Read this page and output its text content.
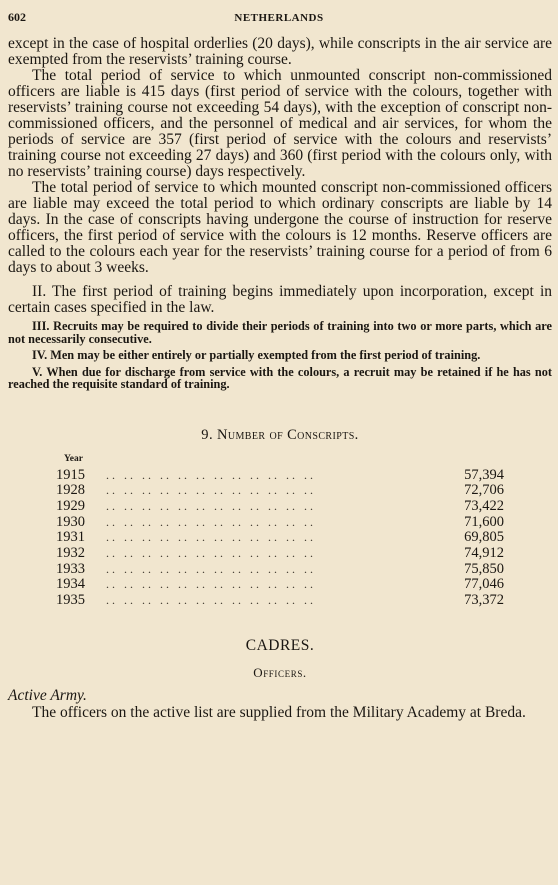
602	NETHERLANDS

except in the case of hospital orderlies (20 days), while conscripts in the air service are exempted from the reservists’ training course.

The total period of service to which unmounted conscript non-commissioned officers are liable is 415 days (first period of service with the colours, together with reservists’ training course not exceeding 54 days), with the exception of conscript non-commissioned officers, and the personnel of medical and air services, for whom the periods of service are 357 (first period of service with the colours and reservists’ training course not exceeding 27 days) and 360 (first period with the colours only, with no reservists’ training course) days respectively.

The total period of service to which mounted conscript non-commissioned officers are liable may exceed the total period to which ordinary conscripts are liable by 14 days. In the case of conscripts having undergone the course of instruction for reserve officers, the first period of service with the colours is 12 months. Reserve officers are called to the colours each year for the reservists’ training course for a period of from 6 days to about 3 weeks.

II. The first period of training begins immediately upon incorporation, except in certain cases specified in the law.

III. Recruits may be required to divide their periods of training into two or more parts, which are not necessarily consecutive.

IV. Men may be either entirely or partially exempted from the first period of training.

V. When due for discharge from service with the colours, a recruit may be retained if he has not reached the requisite standard of training.

9. Number of Conscripts.
Year
1915	.. .. .. .. .. .. .. .. .. .. .. ..	57,394
1928	.. .. .. .. .. .. .. .. .. .. .. ..	72,706
1929	.. .. .. .. .. .. .. .. .. .. .. ..	73,422
1930	.. .. .. .. .. .. .. .. .. .. .. ..	71,600
1931	.. .. .. .. .. .. .. .. .. .. .. ..	69,805
1932	.. .. .. .. .. .. .. .. .. .. .. ..	74,912
1933	.. .. .. .. .. .. .. .. .. .. .. ..	75,850
1934	.. .. .. .. .. .. .. .. .. .. .. ..	77,046
1935	.. .. .. .. .. .. .. .. .. .. .. ..	73,372
CADRES.
Officers.
Active Army.

The officers on the active list are supplied from the Military Academy at Breda.
